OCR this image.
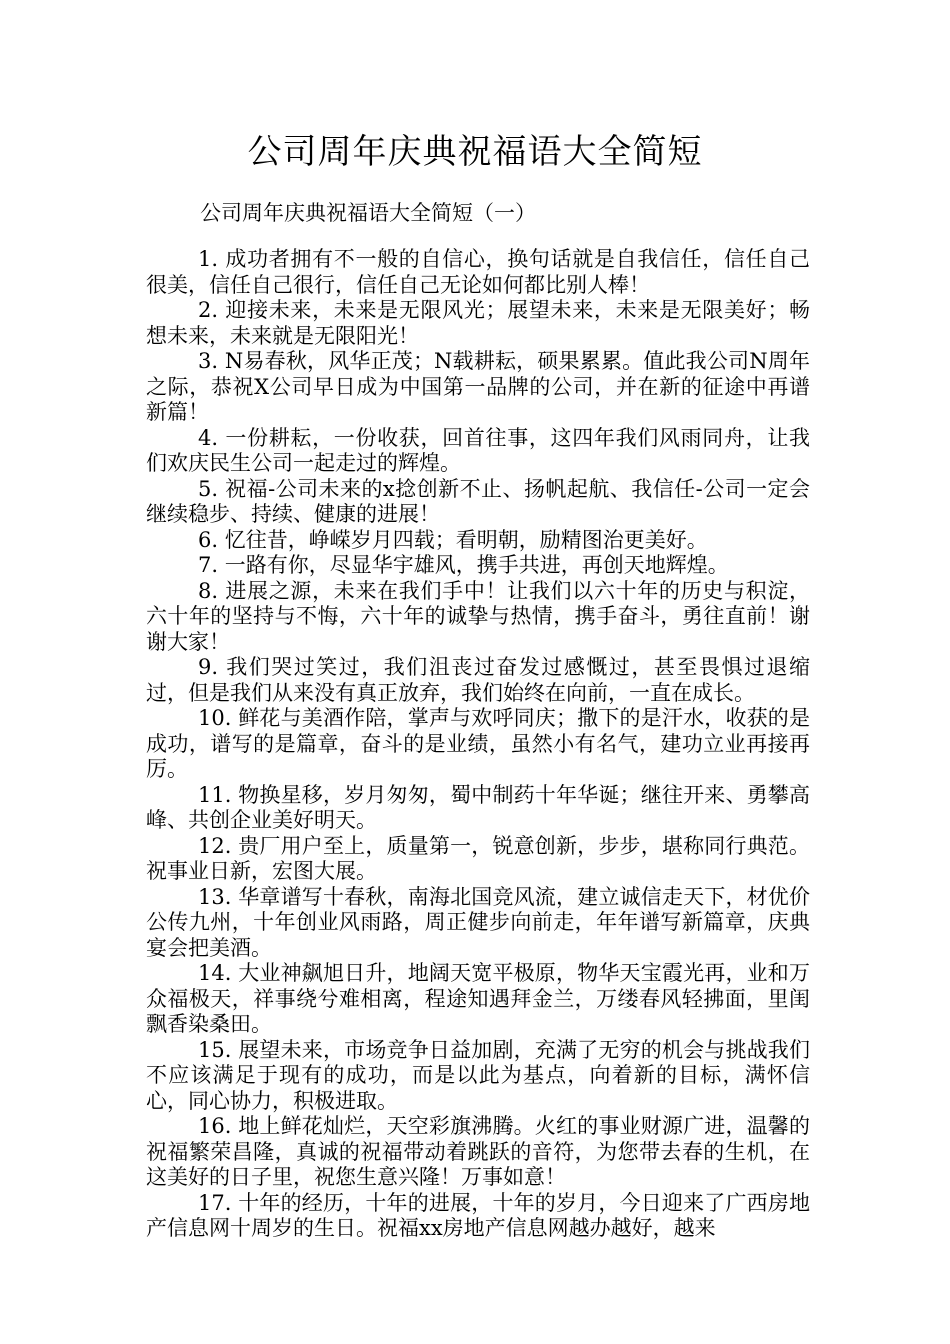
公司周年庆典祝福语大全简短

公司周年庆典祝福语大全简短（一）

1. 成功者拥有不一般的自信心，换句话就是自我信任，信任自己很美，信任自己很行，信任自己无论如何都比别人棒！

2. 迎接未来，未来是无限风光；展望未来，未来是无限美好；畅想未来，未来就是无限阳光！

3. N易春秋，风华正茂；N载耕耘，硕果累累。值此我公司N周年之际，恭祝X公司早日成为中国第一品牌的公司，并在新的征途中再谱新篇！

4. 一份耕耘，一份收获，回首往事，这四年我们风雨同舟，让我们欢庆民生公司一起走过的辉煌。

5. 祝福-公司未来的x捻创新不止、扬帆起航、我信任-公司一定会继续稳步、持续、健康的进展！

6. 忆往昔，峥嵘岁月四载；看明朝，励精图治更美好。

7. 一路有你，尽显华宇雄风，携手共进，再创天地辉煌。

8. 进展之源，未来在我们手中！让我们以六十年的历史与积淀，六十年的坚持与不悔，六十年的诚挚与热情，携手奋斗，勇往直前！谢谢大家！

9. 我们哭过笑过，我们沮丧过奋发过感慨过，甚至畏惧过退缩过，但是我们从来没有真正放弃，我们始终在向前，一直在成长。

10. 鲜花与美酒作陪，掌声与欢呼同庆；撒下的是汗水，收获的是成功，谱写的是篇章，奋斗的是业绩，虽然小有名气，建功立业再接再厉。

11. 物换星移，岁月匆匆，蜀中制药十年华诞；继往开来、勇攀高峰、共创企业美好明天。

12. 贵厂用户至上，质量第一，锐意创新，步步，堪称同行典范。祝事业日新，宏图大展。

13. 华章谱写十春秋，南海北国竞风流，建立诚信走天下，材优价公传九州，十年创业风雨路，周正健步向前走，年年谱写新篇章，庆典宴会把美酒。

14. 大业神飙旭日升，地阔天宽平极原，物华天宝霞光再，业和万众福极天，祥事绕兮难相离，程途知遇拜金兰，万缕春风轻拂面，里闺飘香染桑田。

15. 展望未来，市场竞争日益加剧，充满了无穷的机会与挑战我们不应该满足于现有的成功，而是以此为基点，向着新的目标，满怀信心，同心协力，积极进取。

16. 地上鲜花灿烂，天空彩旗沸腾。火红的事业财源广进，温馨的祝福繁荣昌隆，真诚的祝福带动着跳跃的音符，为您带去春的生机，在这美好的日子里，祝您生意兴隆！万事如意！

17. 十年的经历，十年的进展，十年的岁月，今日迎来了广西房地产信息网十周岁的生日。祝福xx房地产信息网越办越好，越来
